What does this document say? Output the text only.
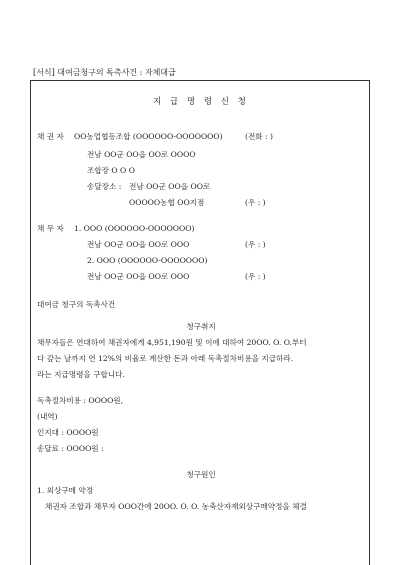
[서식] 대여금청구의 독촉사건 : 자체대급
지 급 명 령 신 청
채 권 자 OO농업협동조합 (OOOOOO-OOOOOOO)	(전화 : )
전남 OO군 OO읍 OO로 OOOO
조합장 O O O
송달장소 : 전남 OO군 OO읍 OO로
OOOOO농협 OO지점	(우 : )
채 무 자 1. OOO (OOOOOO-OOOOOOO)
전남 OO군 OO읍 OO로 OOO	(우 : )
2. OOO (OOOOOO-OOOOOOO)
전남 OO군 OO읍 OO로 OOO	(우 : )
대여금 청구의 독촉사건
청구취지
채무자들은 연대하여 채권자에게 4,951,190원 및 이에 대하여 20OO. O. O.부터
다 갚는 날까지 연 12%의 비율로 계산한 돈과 아래 독촉절차비용을 지급하라.
라는 지급명령을 구합니다.
독촉절차비용 : OOOO원,
(내역)
인지대 : OOOO원
송달료 : OOOO원 :
청구원인
1. 외상구매 약정
채권자 조합과 채무자 OOO간에 20OO. O. O. 농축산자재외상구매약정을 체결
